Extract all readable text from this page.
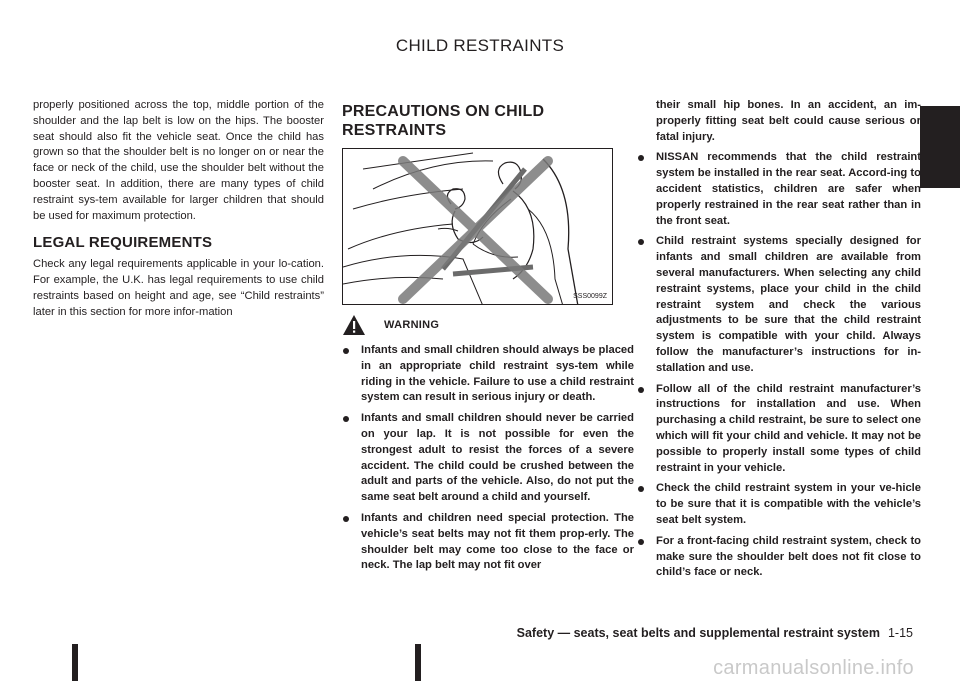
CHILD RESTRAINTS

properly positioned across the top, middle portion of the shoulder and the lap belt is low on the hips. The booster seat should also fit the vehicle seat. Once the child has grown so that the shoulder belt is no longer on or near the face or neck of the child, use the shoulder belt without the booster seat. In addition, there are many types of child restraint sys-tem available for larger children that should be used for maximum protection.

LEGAL REQUIREMENTS

Check any legal requirements applicable in your lo-cation. For example, the U.K. has legal requirements to use child restraints based on height and age, see “Child restraints” later in this section for more infor-mation

PRECAUTIONS ON CHILD RESTRAINTS
SSS0099Z
WARNING
Infants and small children should always be placed in an appropriate child restraint sys-tem while riding in the vehicle. Failure to use a child restraint system can result in serious injury or death.
Infants and small children should never be carried on your lap. It is not possible for even the strongest adult to resist the forces of a severe accident. The child could be crushed between the adult and parts of the vehicle. Also, do not put the same seat belt around a child and yourself.
Infants and children need special protection. The vehicle’s seat belts may not fit them prop-erly. The shoulder belt may come too close to the face or neck. The lap belt may not fit over

their small hip bones. In an accident, an im-properly fitting seat belt could cause serious or fatal injury.

NISSAN recommends that the child restraint system be installed in the rear seat. Accord-ing to accident statistics, children are safer when properly restrained in the rear seat rather than in the front seat.
Child restraint systems specially designed for infants and small children are available from several manufacturers. When selecting any child restraint systems, place your child in the child restraint system and check the various adjustments to be sure that the child restraint system is compatible with your child. Always follow the manufacturer’s instructions for in-stallation and use.
Follow all of the child restraint manufacturer’s instructions for installation and use. When purchasing a child restraint, be sure to select one which will fit your child and vehicle. It may not be possible to properly install some types of child restraint in your vehicle.
Check the child restraint system in your ve-hicle to be sure that it is compatible with the vehicle’s seat belt system.
For a front-facing child restraint system, check to make sure the shoulder belt does not fit close to child’s face or neck.
Safety — seats, seat belts and supplemental restraint system 1-15
carmanualsonline.info
